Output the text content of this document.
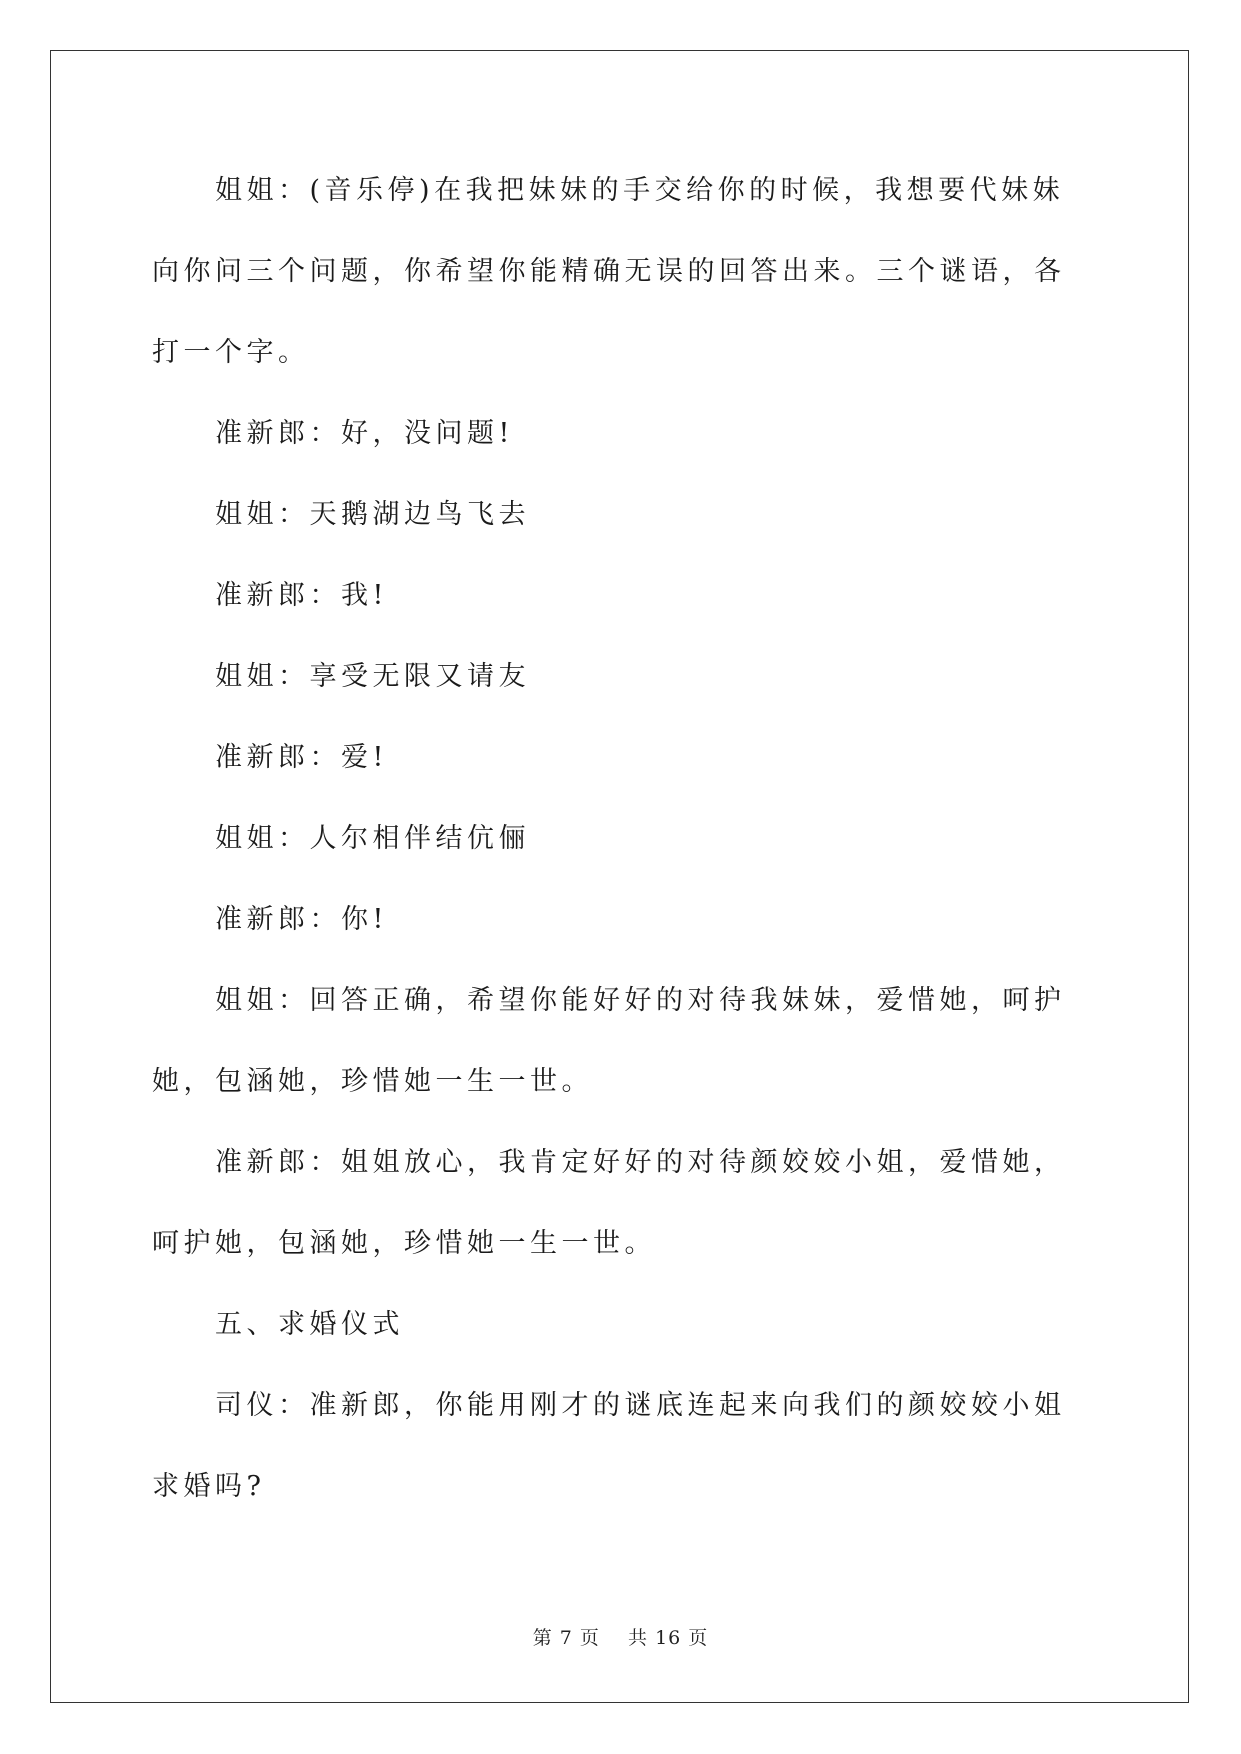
姐姐：(音乐停)在我把妹妹的手交给你的时候，我想要代妹妹向你问三个问题，你希望你能精确无误的回答出来。三个谜语，各打一个字。

准新郎：好，没问题!

姐姐：天鹅湖边鸟飞去

准新郎：我!

姐姐：享受无限又请友

准新郎：爱!

姐姐：人尔相伴结伉俪

准新郎：你!

姐姐：回答正确，希望你能好好的对待我妹妹，爱惜她，呵护她，包涵她，珍惜她一生一世。

准新郎：姐姐放心，我肯定好好的对待颜姣姣小姐，爱惜她，呵护她，包涵她，珍惜她一生一世。

五、求婚仪式

司仪：准新郎，你能用刚才的谜底连起来向我们的颜姣姣小姐求婚吗?

第 7 页 共 16 页
